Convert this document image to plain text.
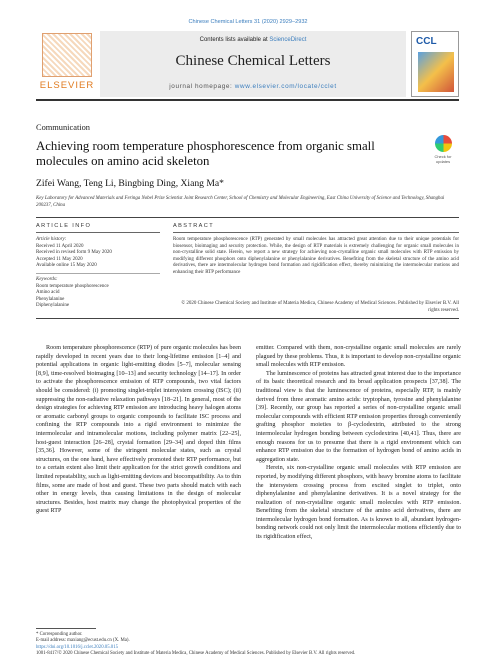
Chinese Chemical Letters 31 (2020) 2929–2932
ELSEVIER
Contents lists available at ScienceDirect
Chinese Chemical Letters
journal homepage: www.elsevier.com/locate/cclet
CCL
Communication
Achieving room temperature phosphorescence from organic small molecules on amino acid skeleton	Check for updates
Zifei Wang, Teng Li, Bingbing Ding, Xiang Ma*
Key Laboratory for Advanced Materials and Feringa Nobel Prize Scientist Joint Research Center, School of Chemistry and Molecular Engineering, East China University of Science and Technology, Shanghai 200237, China
ARTICLE INFO	ABSTRACT
Article history:
Received 11 April 2020
Received in revised form 9 May 2020
Accepted 11 May 2020
Available online 15 May 2020
Keywords:
Room temperature phosphorescence
Amino acid
Phenylalanine
Diphenylalanine
Room temperature phosphorescence (RTP) generated by small molecules has attracted great attention due to their unique potentials for biosensor, bioimaging and security protection. While, the design of RTP materials is extremely challenging for organic small molecules in non-crystalline solid state. Herein, we report a new strategy for achieving non-crystalline organic small molecules with RTP emission by modifying different phosphors onto diphenylalanine or phenylalanine derivatives. Benefiting from the skeletal structure of the amino acid derivatives, there are intermolecular hydrogen bond formation and rigidification effect, thereby minimizing the intermolecular motions and enhancing their RTP performance
© 2020 Chinese Chemical Society and Institute of Materia Medica, Chinese Academy of Medical Sciences. Published by Elsevier B.V. All rights reserved.

Room temperature phosphorescence (RTP) of pure organic molecules has been rapidly developed in recent years due to their long-lifetime emission [1–4] and potential applications in organic light-emitting diodes [5–7], molecular sensing [8,9], time-resolved bioimaging [10–13] and security technology [14–17]. In order to activate the phosphorescence emission of RTP compounds, two vital factors should be considered: (i) promoting singlet-triplet intersystem crossing (ISC); (ii) suppressing the non-radiative relaxation pathways [18–21]. In general, most of the design strategies for achieving RTP emission are introducing heavy halogen atoms or aromatic carbonyl groups to organic compounds to facilitate ISC process and confining the RTP compounds into a rigid environment to minimize the intermolecular and intramolecular motions, including polymer matrix [22–25], host-guest interaction [26–28], crystal formation [29–34] and doped thin films [35,36]. However, some of the stringent molecular states, such as crystal structures, on the one hand, have effectively promoted their RTP performance, but to a certain extent also limit their application for the strict growth conditions and limited repeatability, such as light-emitting devices and biocompatibility. As to thin films, some are made of host and guest. These two parts should match with each other in energy levels, thus causing limitations in the design of molecular structures. Besides, host matrix may change the photophysical properties of the guest RTP

emitter. Compared with them, non-crystalline organic small molecules are rarely plagued by these problems. Thus, it is important to develop non-crystalline organic small molecules with RTP emission.

The luminescence of proteins has attracted great interest due to the importance of its basic theoretical research and its broad application prospects [37,38]. The traditional view is that the luminescence of proteins, especially RTP, is mainly derived from three aromatic amino acids: tryptophan, tyrosine and phenylalanine [39]. Recently, our group has reported a series of non-crystalline organic small molecular compounds with efficient RTP emission properties through conveniently grafting phosphor moieties to β-cyclodextrin, attributed to the strong intermolecular hydrogen bonding between cyclodextrins [40,41]. Thus, there are enough reasons for us to presume that there is a rigid environment which can enhance RTP emission due to the formation of hydrogen bond of amino acids in aggregation state.

Herein, six non-crystalline organic small molecules with RTP emission are reported, by modifying different phosphors, with heavy bromine atoms to facilitate the intersystem crossing process from excited singlet to triplet, onto diphenylalanine and phenylalanine derivatives. It is a novel strategy for the realization of non-crystalline organic small molecules with RTP emission. Benefiting from the skeletal structure of the amino acid derivatives, there are intermolecular hydrogen bond formation. As is known to all, abundant hydrogen-bonding network could not only limit the intermolecular motions efficiently due to its rigidification effect,

* Corresponding author.
E-mail address: maxiang@ecust.edu.cn (X. Ma).
https://doi.org/10.1016/j.cclet.2020.05.015
1001-8417/© 2020 Chinese Chemical Society and Institute of Materia Medica, Chinese Academy of Medical Sciences. Published by Elsevier B.V. All rights reserved.
